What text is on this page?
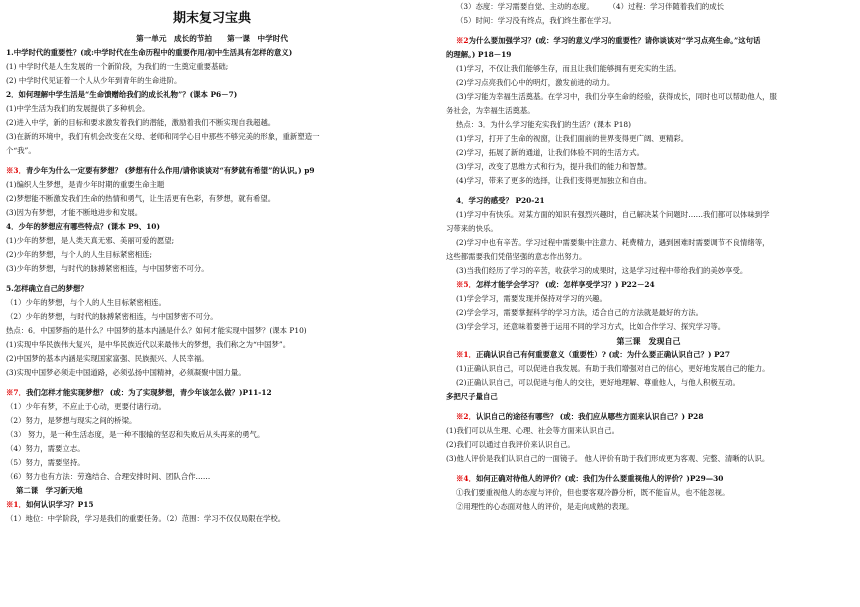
期末复习宝典
第一单元　成长的节拍　　第一课　中学时代
1.中学时代的重要性？(或:中学时代在生命历程中的重要作用/初中生活具有怎样的意义)
(1) 中学时代是人生发展的一个新阶段，为我们的一生奠定重要基础;
(2) 中学时代见证着一个人从少年到青年的生命进阶。
2．如何理解中学生活是“生命馈赠给我们的成长礼物”？(课本 P6－7)
(1)中学生活为我们的发展提供了多种机会。
(2)进入中学，新的目标和要求激发着我们的潜能，激励着我们不断实现自我超越。
(3)在新的环境中，我们有机会改变在父母、老师和同学心目中那些不够完美的形象，重新塑造一
个“我”。
※3．青少年为什么一定要有梦想？ (梦想有什么作用/请你谈谈对“有梦就有希望”的认识。) p9
(1)编织人生梦想，是青少年时期的重要生命主题
(2)梦想能不断激发我们生命的热情和勇气，让生活更有色彩，有梦想，就有希望。
(3)因为有梦想，才能不断地进步和发展。
4．少年的梦想应有哪些特点？(课本 P9、10)
(1)少年的梦想，是人类天真无邪、美丽可爱的愿望;
(2)少年的梦想，与个人的人生目标紧密相连;
(3)少年的梦想，与时代的脉搏紧密相连，与中国梦密不可分。
5.怎样确立自己的梦想？
（1）少年的梦想，与个人的人生目标紧密相连。
（2）少年的梦想，与时代的脉搏紧密相连，与中国梦密不可分。
热点：6．中国梦指的是什么？中国梦的基本内涵是什么？如何才能实现中国梦？(课本 P10)
(1)实现中华民族伟大复兴，是中华民族近代以来最伟大的梦想，我们称之为“中国梦”。
(2)中国梦的基本内涵是实现国家富强、民族振兴、人民幸福。
(3)实现中国梦必须走中国道路，必须弘扬中国精神，必须凝聚中国力量。
※7．我们怎样才能实现梦想？ (或：为了实现梦想，青少年该怎么做？)P11-12
（1）少年有梦，不应止于心动，更要付诸行动。
（2）努力，是梦想与现实之间的桥梁。
（3） 努力，是一种生活态度，是一种不服输的坚忍和失败后从头再来的勇气。
（4）努力，需要立志。
（5）努力，需要坚持。
（6）努力也有方法：劳逸结合、合理安排时间、团队合作……
第二课　学习新天地
※1．如何认识学习？P15
（1）地位：中学阶段，学习是我们的重要任务。（2）范围：学习不仅仅局限在学校。
（3）态度：学习需要自觉、主动的态度。　　　（4）过程：学习伴随着我们的成长
（5）时间：学习没有终点，我们终生都在学习。
※2为什么要加强学习？(或：学习的意义/学习的重要性？请你谈谈对“学习点亮生命。”这句话
的理解。) P18－19
(1)学习，不仅让我们能够生存，而且让我们能够拥有更充实的生活。
(2)学习点亮我们心中的明灯，激发前进的动力。
(3)学习能为幸福生活奠基。在学习中，我们分享生命的经验，获得成长，同时也可以帮助他人，服
务社会，为幸福生活奠基。
热点：3．为什么学习能充实我们的生活？(课本 P18)
(1)学习，打开了生命的视窗，让我们面前的世界变得更广阔、更精彩。
(2)学习，拓展了新的通道，让我们体验不同的生活方式。
(3)学习，改变了思维方式和行为，提升我们的能力和智慧。
(4)学习，带来了更多的选择，让我们变得更加独立和自由。
4．学习的感受？ P20-21
(1)学习中有快乐。对某方面的知识有强烈兴趣时，自己解决某个问题时……我们都可以体味到学
习带来的快乐。
(2)学习中也有辛苦。学习过程中需要集中注意力、耗费精力，遇到困难时需要调节不良情绪等，
这些都需要我们凭借坚强的意志作出努力。
(3)当我们经历了学习的辛苦，收获学习的成果时，这是学习过程中带给我们的美妙享受。
※5．怎样才能学会学习？ (或：怎样享受学习？) P22－24
(1)学会学习，需要发现并保持对学习的兴趣。
(2)学会学习，需要掌握科学的学习方法，适合自己的方法就是最好的方法。
(3)学会学习，还意味着要善于运用不同的学习方式，比如合作学习、探究学习等。
第三课　发现自己
※1．正确认识自己有何重要意义（重要性）? (或：为什么要正确认识自己？) P27
(1)正确认识自己，可以促进自我发展。有助于我们增强对自己的信心，更好地发展自己的能力。
(2)正确认识自己，可以促进与他人的交往，更好地理解、尊重他人，与他人积极互动。
多把尺子量自己
※2．认识自己的途径有哪些？ (或：我们应从哪些方面来认识自己？) P28
(1)我们可以从生理、心理、社会等方面来认识自己。
(2)我们可以通过自我评价来认识自己。
(3)他人评价是我们认识自己的一面镜子。 他人评价有助于我们形成更为客观、完整、清晰的认识。
※4．如何正确对待他人的评价？(或：我们为什么要重视他人的评价？)P29—30
①我们要重视他人的态度与评价，但也要客观冷静分析，既不能盲从，也不能忽视。
②用理性的心态面对他人的评价，是走向成熟的表现。
